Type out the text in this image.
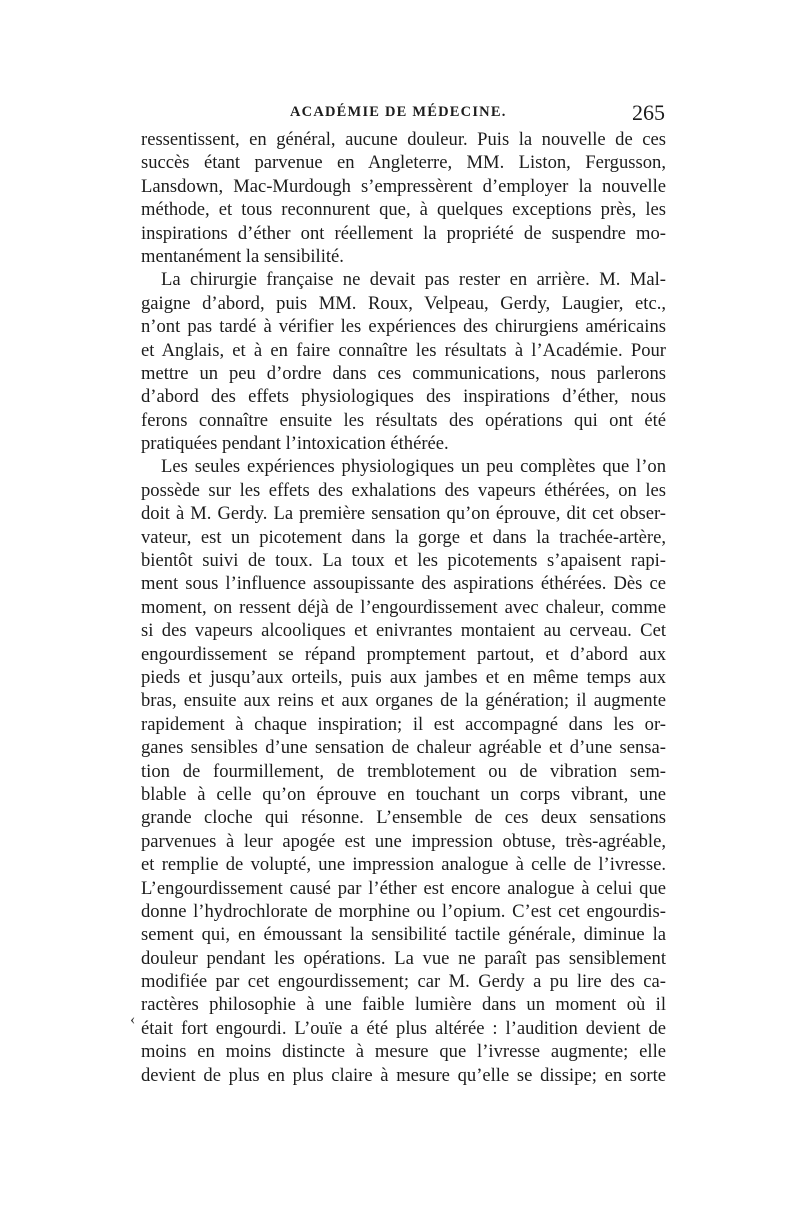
ACADÉMIE DE MÉDECINE.	265
ressentissent, en général, aucune douleur. Puis la nouvelle de ces
succès étant parvenue en Angleterre, MM. Liston, Fergusson,
Lansdown, Mac-Murdough s’empressèrent d’employer la nouvelle
méthode, et tous reconnurent que, à quelques exceptions près, les
inspirations d’éther ont réellement la propriété de suspendre mo-
mentanément la sensibilité.
La chirurgie française ne devait pas rester en arrière. M. Mal-
gaigne d’abord, puis MM. Roux, Velpeau, Gerdy, Laugier, etc.,
n’ont pas tardé à vérifier les expériences des chirurgiens américains
et Anglais, et à en faire connaître les résultats à l’Académie. Pour
mettre un peu d’ordre dans ces communications, nous parlerons
d’abord des effets physiologiques des inspirations d’éther, nous
ferons connaître ensuite les résultats des opérations qui ont été
pratiquées pendant l’intoxication éthérée.
Les seules expériences physiologiques un peu complètes que l’on
possède sur les effets des exhalations des vapeurs éthérées, on les
doit à M. Gerdy. La première sensation qu’on éprouve, dit cet obser-
vateur, est un picotement dans la gorge et dans la trachée-artère,
bientôt suivi de toux. La toux et les picotements s’apaisent rapi-
ment sous l’influence assoupissante des aspirations éthérées. Dès ce
moment, on ressent déjà de l’engourdissement avec chaleur, comme
si des vapeurs alcooliques et enivrantes montaient au cerveau. Cet
engourdissement se répand promptement partout, et d’abord aux
pieds et jusqu’aux orteils, puis aux jambes et en même temps aux
bras, ensuite aux reins et aux organes de la génération; il augmente
rapidement à chaque inspiration; il est accompagné dans les or-
ganes sensibles d’une sensation de chaleur agréable et d’une sensa-
tion de fourmillement, de tremblotement ou de vibration sem-
blable à celle qu’on éprouve en touchant un corps vibrant, une
grande cloche qui résonne. L’ensemble de ces deux sensations
parvenues à leur apogée est une impression obtuse, très-agréable,
et remplie de volupté, une impression analogue à celle de l’ivresse.
L’engourdissement causé par l’éther est encore analogue à celui que
donne l’hydrochlorate de morphine ou l’opium. C’est cet engourdis-
sement qui, en émoussant la sensibilité tactile générale, diminue la
douleur pendant les opérations. La vue ne paraît pas sensiblement
modifiée par cet engourdissement; car M. Gerdy a pu lire des ca-
ractères philosophie à une faible lumière dans un moment où il
était fort engourdi. L’ouïe a été plus altérée : l’audition devient de
moins en moins distincte à mesure que l’ivresse augmente; elle
devient de plus en plus claire à mesure qu’elle se dissipe; en sorte
‹
